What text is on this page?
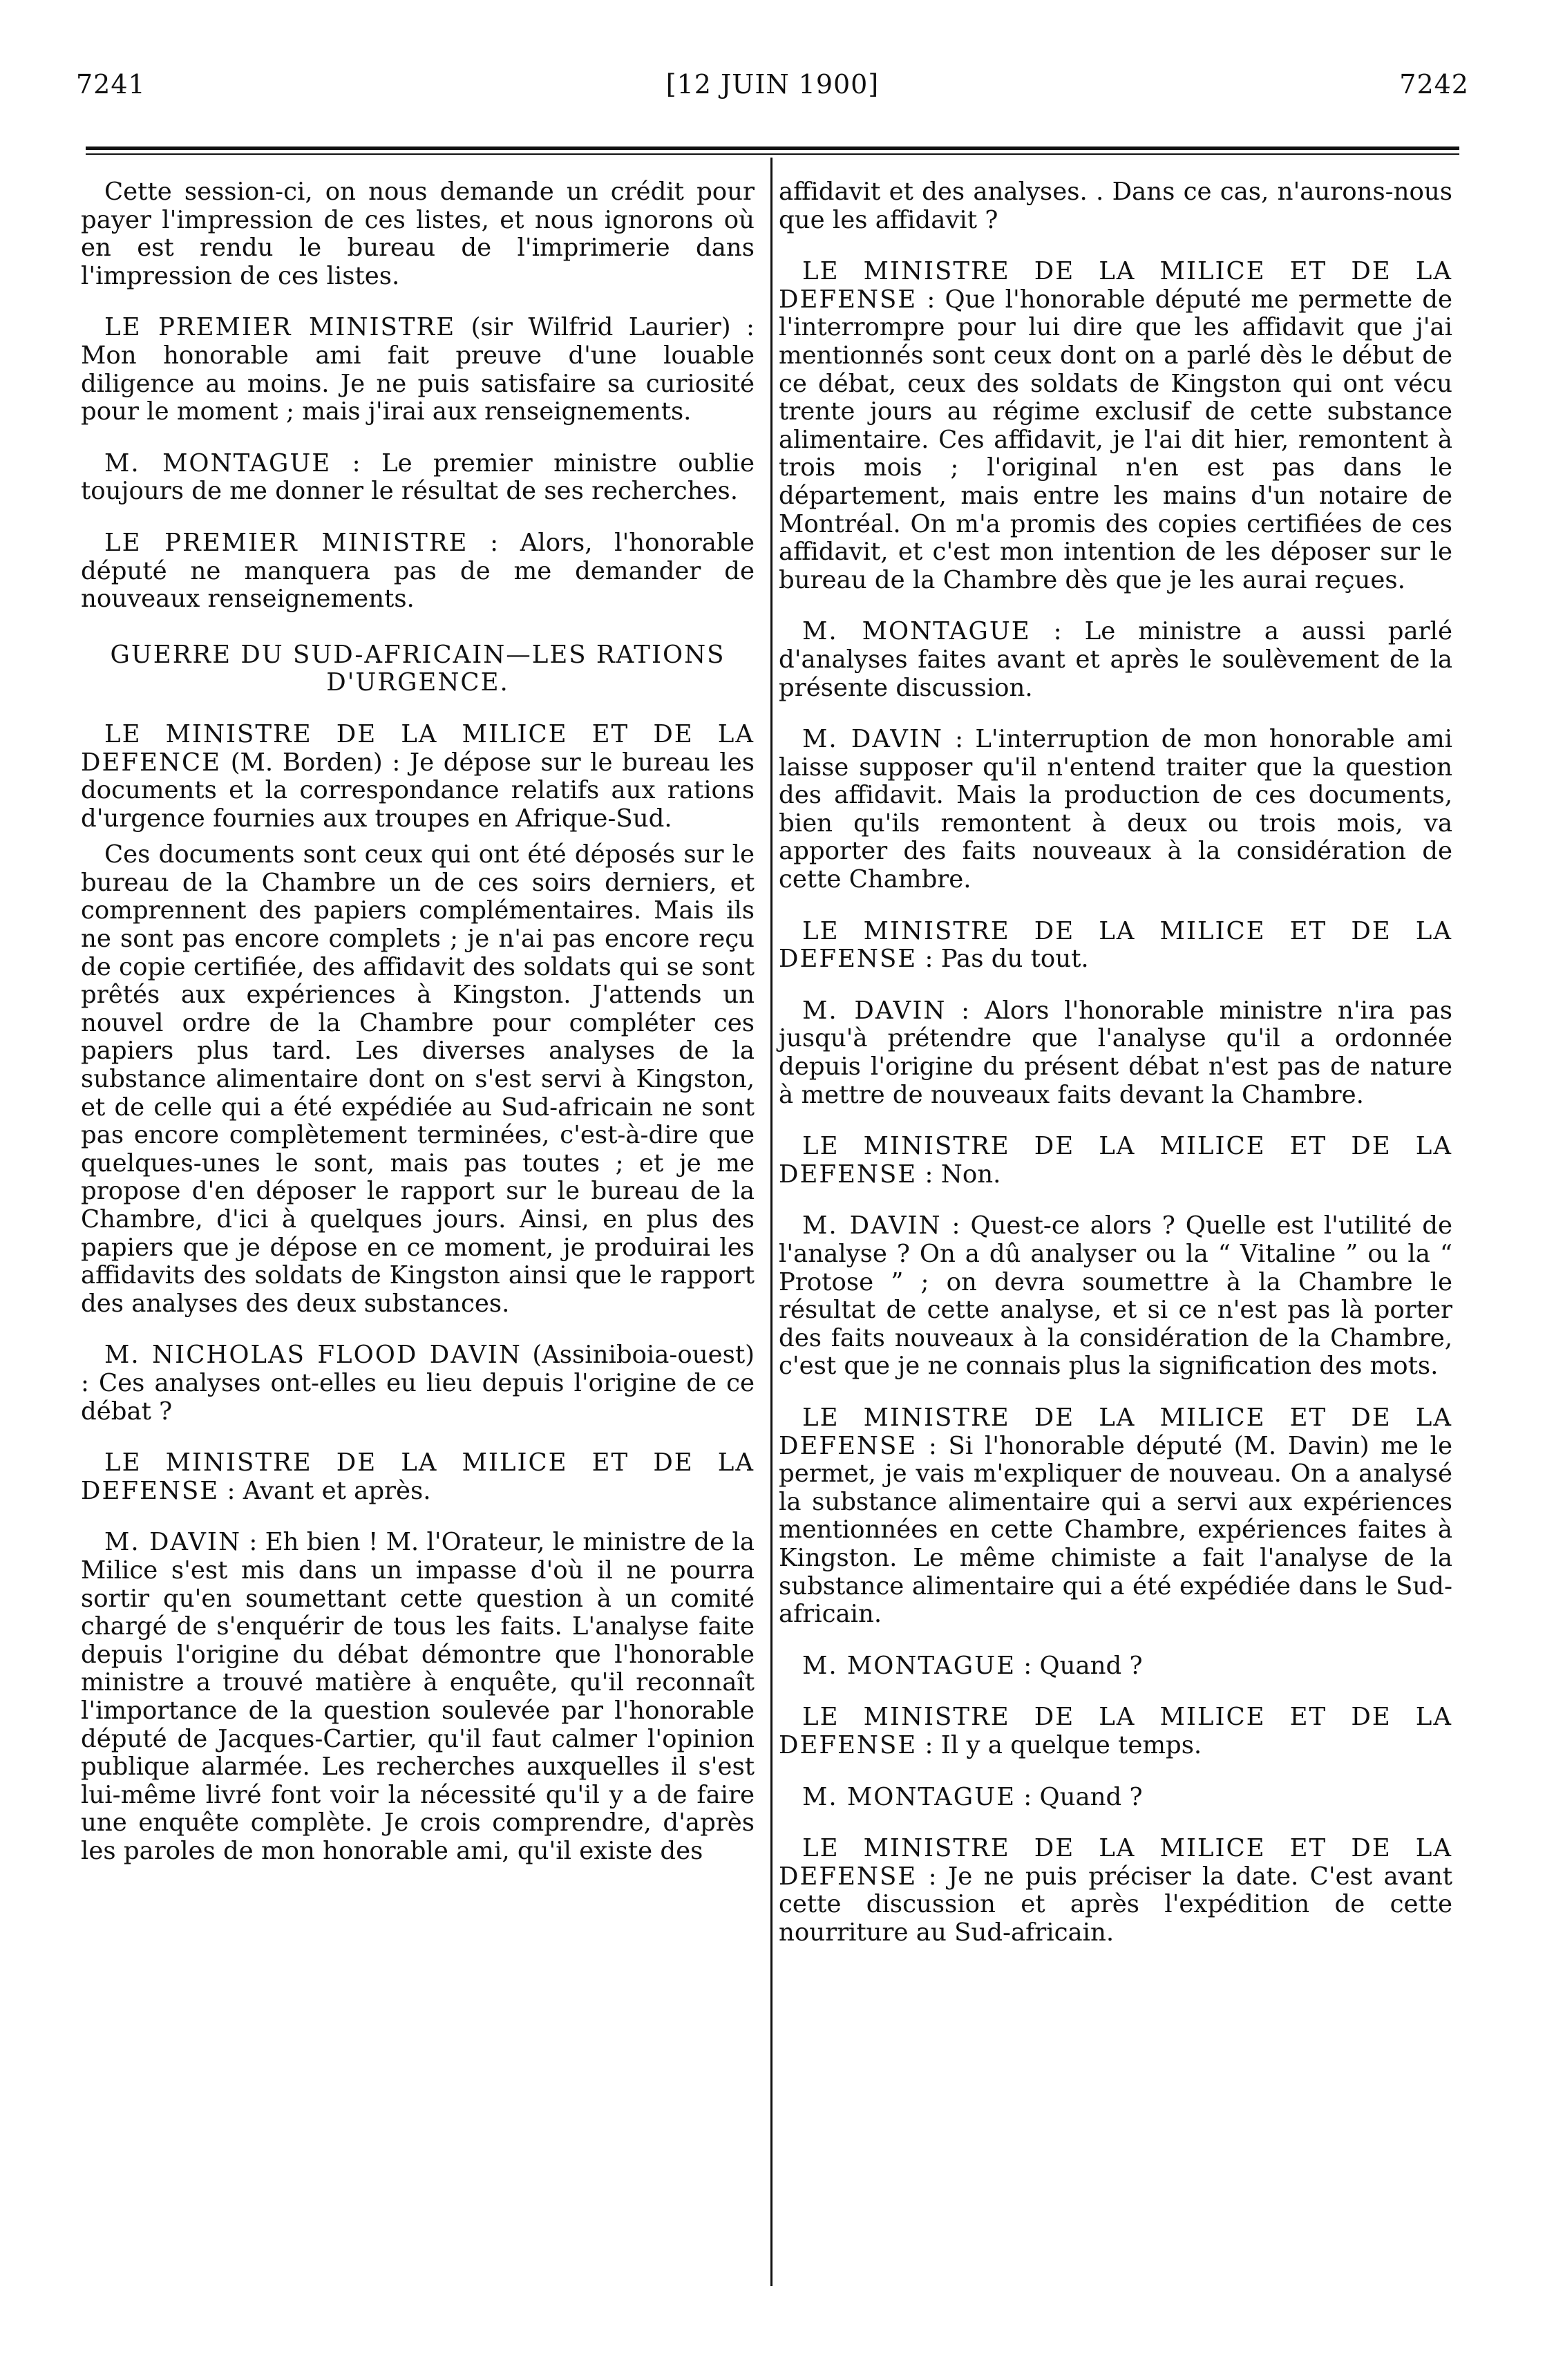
7241	[12 JUIN 1900]	7242

Cette session-ci, on nous demande un crédit pour payer l'impression de ces listes, et nous ignorons où en est rendu le bureau de l'imprimerie dans l'impression de ces listes.

LE PREMIER MINISTRE (sir Wilfrid Laurier) : Mon honorable ami fait preuve d'une louable diligence au moins. Je ne puis satisfaire sa curiosité pour le moment ; mais j'irai aux renseignements.

M. MONTAGUE : Le premier ministre oublie toujours de me donner le résultat de ses recherches.

LE PREMIER MINISTRE : Alors, l'honorable député ne manquera pas de me demander de nouveaux renseignements.

GUERRE DU SUD-AFRICAIN—LES RATIONS D'URGENCE.

LE MINISTRE DE LA MILICE ET DE LA DEFENCE (M. Borden) : Je dépose sur le bureau les documents et la correspondance relatifs aux rations d'urgence fournies aux troupes en Afrique-Sud.

Ces documents sont ceux qui ont été déposés sur le bureau de la Chambre un de ces soirs derniers, et comprennent des papiers complémentaires. Mais ils ne sont pas encore complets ; je n'ai pas encore reçu de copie certifiée, des affidavit des soldats qui se sont prêtés aux expériences à Kingston. J'attends un nouvel ordre de la Chambre pour compléter ces papiers plus tard. Les diverses analyses de la substance alimentaire dont on s'est servi à Kingston, et de celle qui a été expédiée au Sud-africain ne sont pas encore complètement terminées, c'est-à-dire que quelques-unes le sont, mais pas toutes ; et je me propose d'en déposer le rapport sur le bureau de la Chambre, d'ici à quelques jours. Ainsi, en plus des papiers que je dépose en ce moment, je produirai les affidavits des soldats de Kingston ainsi que le rapport des analyses des deux substances.

M. NICHOLAS FLOOD DAVIN (Assiniboia-ouest) : Ces analyses ont-elles eu lieu depuis l'origine de ce débat ?

LE MINISTRE DE LA MILICE ET DE LA DEFENSE : Avant et après.

M. DAVIN : Eh bien ! M. l'Orateur, le ministre de la Milice s'est mis dans un impasse d'où il ne pourra sortir qu'en soumettant cette question à un comité chargé de s'enquérir de tous les faits. L'analyse faite depuis l'origine du débat démontre que l'honorable ministre a trouvé matière à enquête, qu'il reconnaît l'importance de la question soulevée par l'honorable député de Jacques-Cartier, qu'il faut calmer l'opinion publique alarmée. Les recherches auxquelles il s'est lui-même livré font voir la nécessité qu'il y a de faire une enquête complète. Je crois comprendre, d'après les paroles de mon honorable ami, qu'il existe des

affidavit et des analyses. . Dans ce cas, n'aurons-nous que les affidavit ?

LE MINISTRE DE LA MILICE ET DE LA DEFENSE : Que l'honorable député me permette de l'interrompre pour lui dire que les affidavit que j'ai mentionnés sont ceux dont on a parlé dès le début de ce débat, ceux des soldats de Kingston qui ont vécu trente jours au régime exclusif de cette substance alimentaire. Ces affidavit, je l'ai dit hier, remontent à trois mois ; l'original n'en est pas dans le département, mais entre les mains d'un notaire de Montréal. On m'a promis des copies certifiées de ces affidavit, et c'est mon intention de les déposer sur le bureau de la Chambre dès que je les aurai reçues.

M. MONTAGUE : Le ministre a aussi parlé d'analyses faites avant et après le soulèvement de la présente discussion.

M. DAVIN : L'interruption de mon honorable ami laisse supposer qu'il n'entend traiter que la question des affidavit. Mais la production de ces documents, bien qu'ils remontent à deux ou trois mois, va apporter des faits nouveaux à la considération de cette Chambre.

LE MINISTRE DE LA MILICE ET DE LA DEFENSE : Pas du tout.

M. DAVIN : Alors l'honorable ministre n'ira pas jusqu'à prétendre que l'analyse qu'il a ordonnée depuis l'origine du présent débat n'est pas de nature à mettre de nouveaux faits devant la Chambre.

LE MINISTRE DE LA MILICE ET DE LA DEFENSE : Non.

M. DAVIN : Quest-ce alors ? Quelle est l'utilité de l'analyse ? On a dû analyser ou la “ Vitaline ” ou la “ Protose ” ; on devra soumettre à la Chambre le résultat de cette analyse, et si ce n'est pas là porter des faits nouveaux à la considération de la Chambre, c'est que je ne connais plus la signification des mots.

LE MINISTRE DE LA MILICE ET DE LA DEFENSE : Si l'honorable député (M. Davin) me le permet, je vais m'expliquer de nouveau. On a analysé la substance alimentaire qui a servi aux expériences mentionnées en cette Chambre, expériences faites à Kingston. Le même chimiste a fait l'analyse de la substance alimentaire qui a été expédiée dans le Sud-africain.

M. MONTAGUE : Quand ?

LE MINISTRE DE LA MILICE ET DE LA DEFENSE : Il y a quelque temps.

M. MONTAGUE : Quand ?

LE MINISTRE DE LA MILICE ET DE LA DEFENSE : Je ne puis préciser la date. C'est avant cette discussion et après l'expédition de cette nourriture au Sud-africain.
